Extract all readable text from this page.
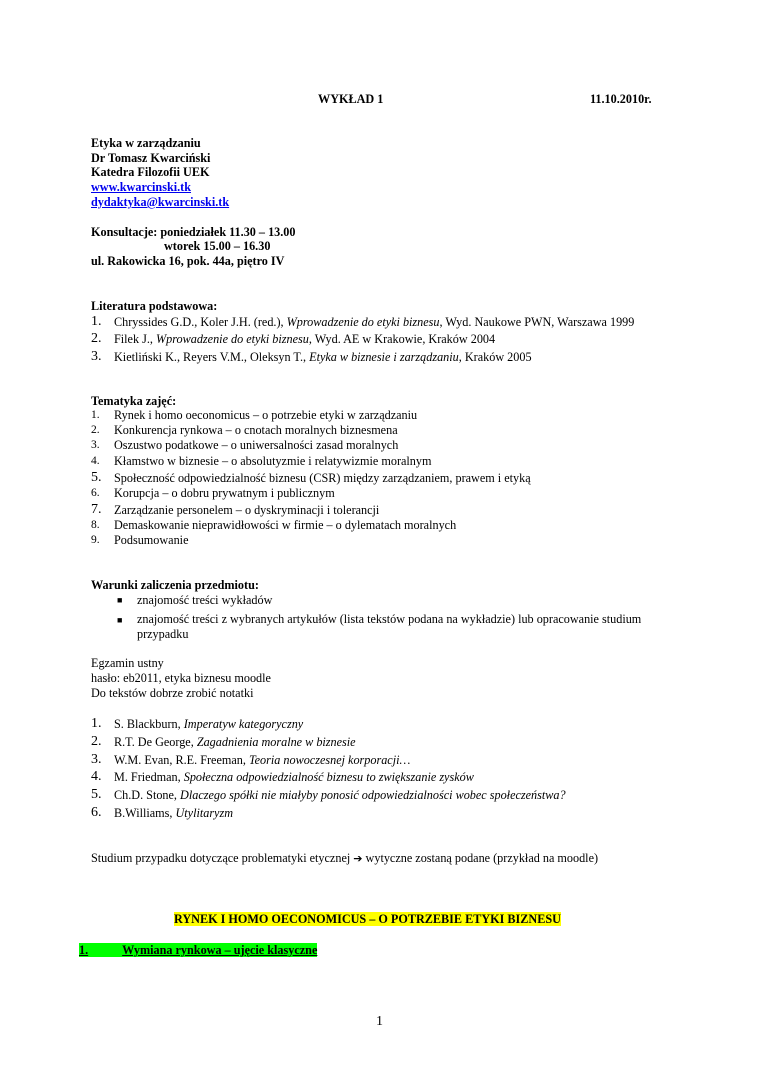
WYKŁAD 1	11.10.2010r.
Etyka w zarządzaniu
Dr Tomasz Kwarciński
Katedra Filozofii UEK
www.kwarcinski.tk
dydaktyka@kwarcinski.tk
Konsultacje: poniedziałek 11.30 – 13.00
wtorek 15.00 – 16.30
ul. Rakowicka 16, pok. 44a, piętro IV
Literatura podstawowa:
1. Chryssides G.D., Koler J.H. (red.), Wprowadzenie do etyki biznesu, Wyd. Naukowe PWN, Warszawa 1999
2. Filek J., Wprowadzenie do etyki biznesu, Wyd. AE w Krakowie, Kraków 2004
3. Kietliński K., Reyers V.M., Oleksyn T., Etyka w biznesie i zarządzaniu, Kraków 2005
Tematyka zajęć:
1. Rynek i homo oeconomicus – o potrzebie etyki w zarządzaniu
2. Konkurencja rynkowa – o cnotach moralnych biznesmena
3. Oszustwo podatkowe – o uniwersalności zasad moralnych
4. Kłamstwo w biznesie – o absolutyzmie i relatywizmie moralnym
5. Społeczność odpowiedzialność biznesu (CSR) między zarządzaniem, prawem i etyką
6. Korupcja – o dobru prywatnym i publicznym
7. Zarządzanie personelem – o dyskryminacji i tolerancji
8. Demaskowanie nieprawidłowości w firmie – o dylematach moralnych
9. Podsumowanie
Warunki zaliczenia przedmiotu:
■ znajomość treści wykładów
■ znajomość treści z wybranych artykułów (lista tekstów podana na wykładzie) lub opracowanie studium
przypadku
Egzamin ustny
hasło: eb2011, etyka biznesu moodle
Do tekstów dobrze zrobić notatki
1. S. Blackburn, Imperatyw kategoryczny
2. R.T. De George, Zagadnienia moralne w biznesie
3. W.M. Evan, R.E. Freeman, Teoria nowoczesnej korporacji…
4. M. Friedman, Społeczna odpowiedzialność biznesu to zwiększanie zysków
5. Ch.D. Stone, Dlaczego spółki nie miałyby ponosić odpowiedzialności wobec społeczeństwa?
6. B.Williams, Utylitaryzm
Studium przypadku dotyczące problematyki etycznej ➔ wytyczne zostaną podane (przykład na moodle)
RYNEK I HOMO OECONOMICUS – O POTRZEBIE ETYKI BIZNESU
1.	Wymiana rynkowa – ujęcie klasyczne
1
